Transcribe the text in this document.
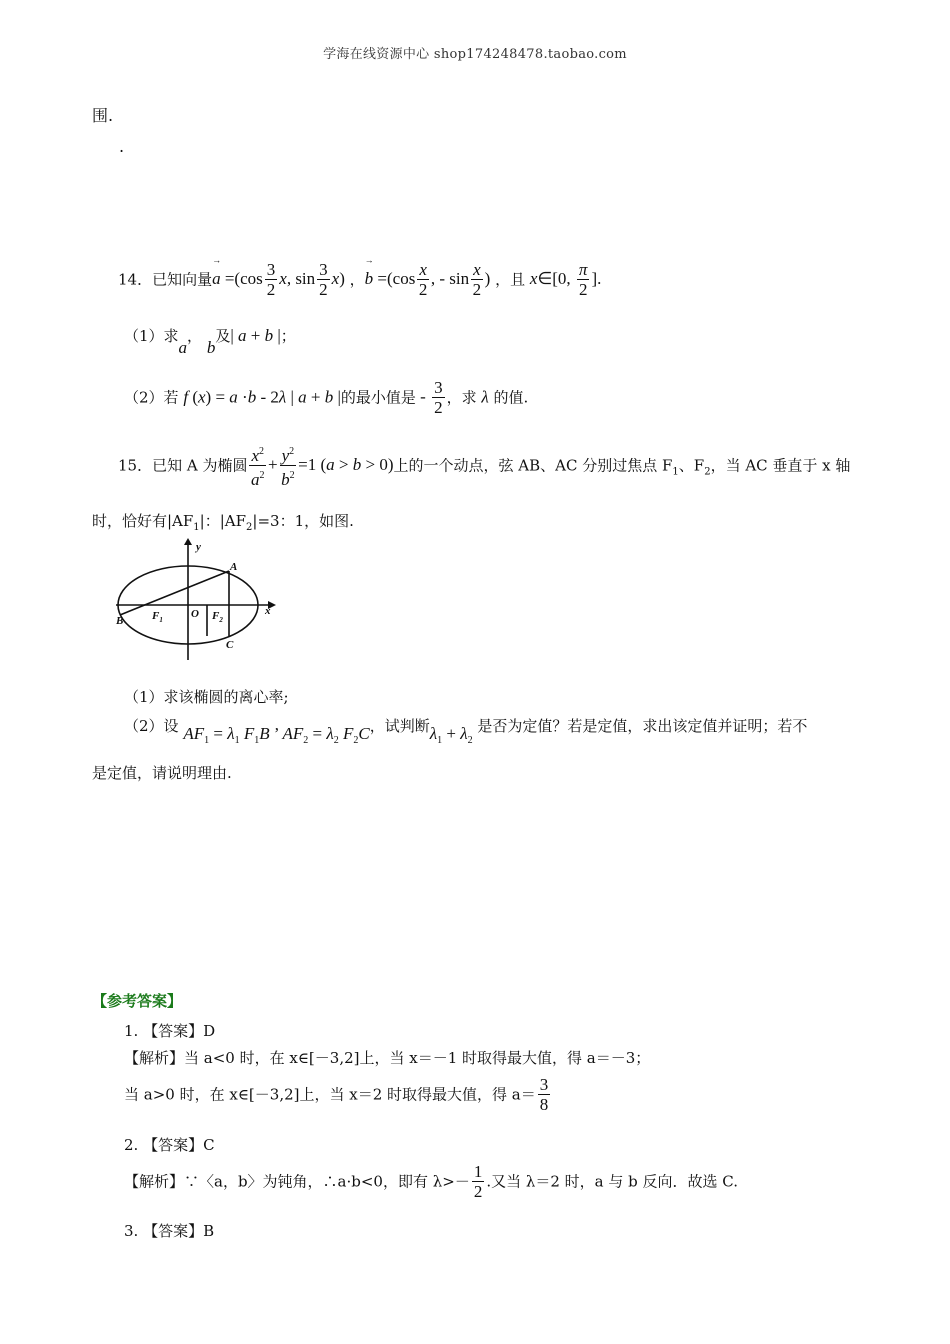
学海在线资源中心 shop174248478.taobao.com
围.
.
14．已知向量→ $a =(\cos \frac{3}{2} x$, $\sin \frac{3}{2} x$) ，→ $b =(\cos \frac{x}{2}$ , - $\sin \frac{x}{2}$ ) ，且 x∈[0, $\frac{\pi}{2}$ ].
（1）求a， b及| a + b |；
（2）若 f (x) = a ·b - 2λ | a + b |的最小值是 - $\frac{3}{2}$ ，求 λ 的值.
15．已知 A 为椭圆 $\frac{x^2}{a^2} + \frac{y^2}{b^2} =1$ (a > b > 0)上的一个动点，弦 AB、AC 分别过焦点 $F_1$、$F_2$，当 AC 垂直于 x 轴
时，恰好有$|AF_1|$：$|AF_2|=3$：1，如图.
y
x
A
B
C
O
$F_1$	$F_2$
（1）求该椭圆的离心率;
（2）设 $AF_1 = \lambda_1$ $F_1B$ ’ $AF_2 = \lambda_2$ $F_2C$，试判断$\lambda_1 + \lambda_2$ 是否为定值？若是定值，求出该定值并证明；若不
是定值，请说明理由.
【参考答案】
1. 【答案】D
【解析】当 a<0 时，在 x∈[－3,2]上，当 x＝－1 时取得最大值，得 a＝－3；
当 a>0 时，在 x∈[－3,2]上，当 x＝2 时取得最大值，得 $a= \frac{3}{8}$
2. 【答案】C
【解析】∵〈a，b〉为钝角，∴a·b<0，即有 $\lambda>- \frac{1}{2}$ .又当 λ＝2 时，a 与 b 反向．故选 C.
3. 【答案】B
